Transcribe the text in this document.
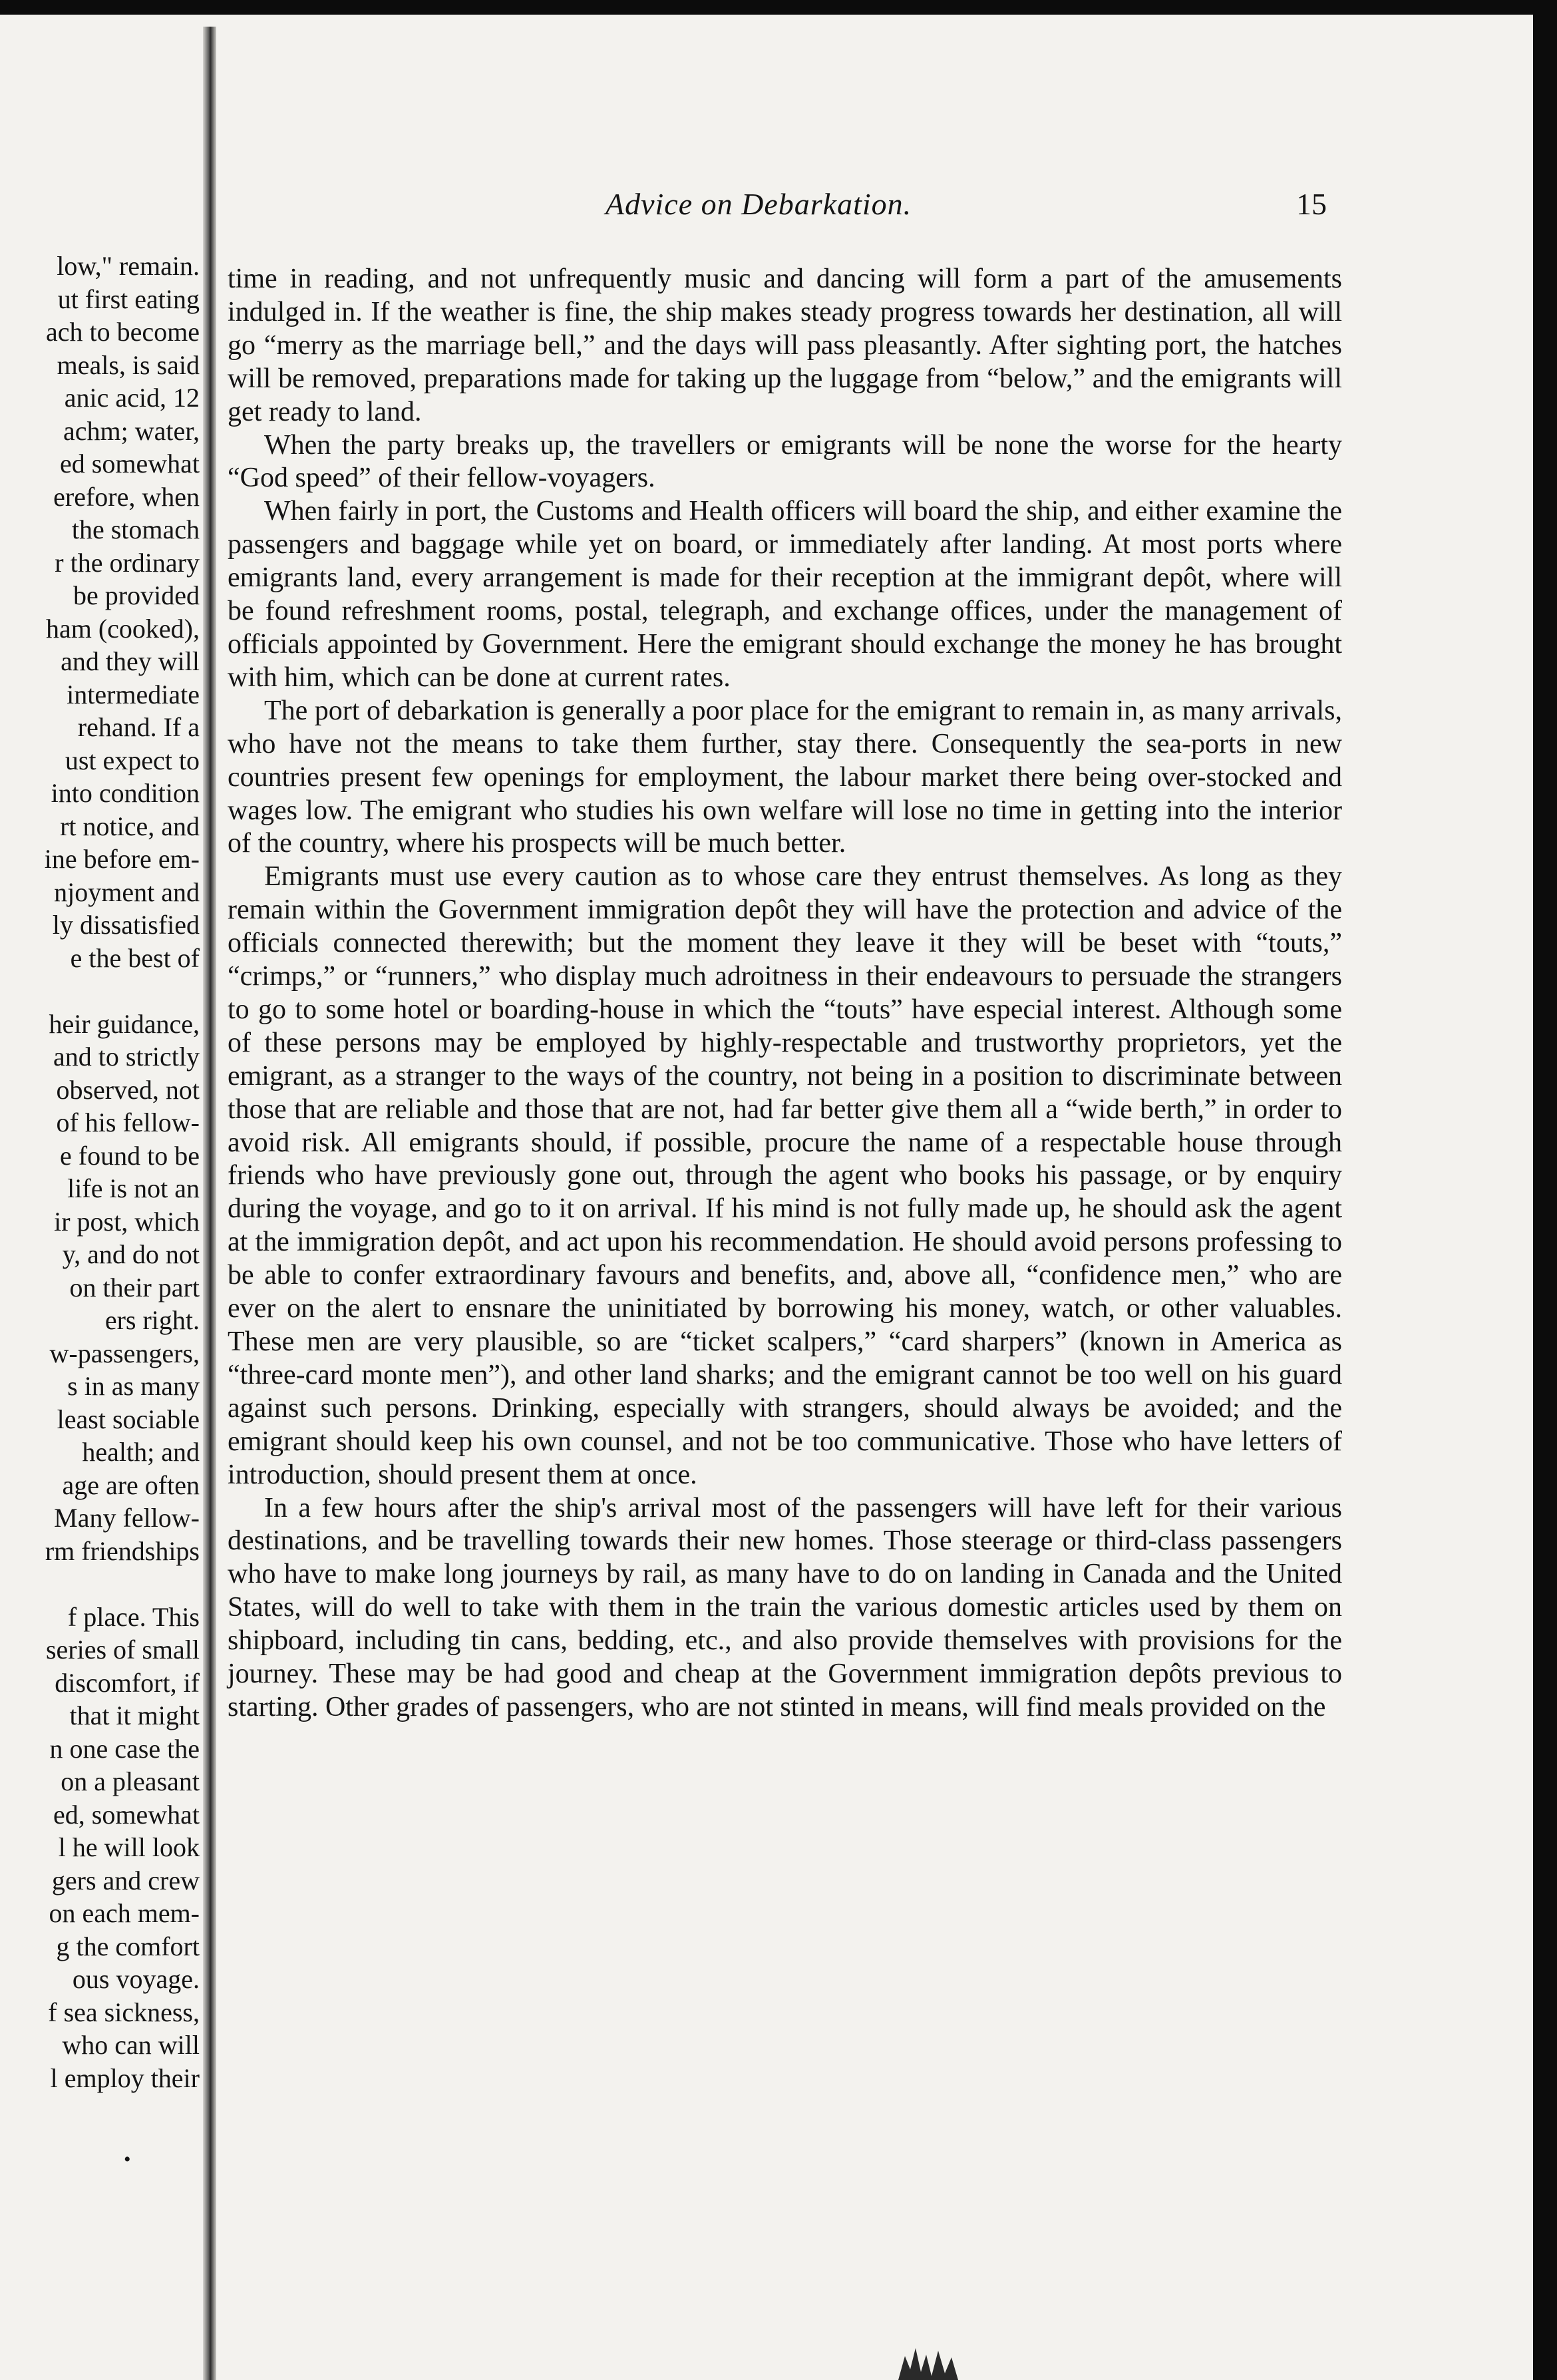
low," remain.
ut first eating
ach to become
meals, is said
anic acid, 12
achm; water,
ed somewhat
erefore, when
the stomach
r the ordinary
be provided
ham (cooked),
and they will
intermediate
rehand. If a
ust expect to
into condition
rt notice, and
ine before em-
njoyment and
ly dissatisfied
e the best of
heir guidance,
and to strictly
observed, not
of his fellow-
e found to be
life is not an
ir post, which
y, and do not
on their part
ers right.
w-passengers,
s in as many
least sociable
health; and
age are often
Many fellow-
rm friendships
f place. This
series of small
discomfort, if
that it might
n one case the
on a pleasant
ed, somewhat
l he will look
gers and crew
on each mem-
g the comfort
ous voyage.
f sea sickness,
who can will
l employ their
•
Advice on Debarkation.	15

time in reading, and not unfrequently music and dancing will form a part of the amusements indulged in. If the weather is fine, the ship makes steady progress towards her destination, all will go “merry as the marriage bell,” and the days will pass pleasantly. After sighting port, the hatches will be removed, preparations made for taking up the luggage from “below,” and the emigrants will get ready to land.

When the party breaks up, the travellers or emigrants will be none the worse for the hearty “God speed” of their fellow-voyagers.

When fairly in port, the Customs and Health officers will board the ship, and either examine the passengers and baggage while yet on board, or immediately after landing. At most ports where emigrants land, every arrangement is made for their reception at the immigrant depôt, where will be found refreshment rooms, postal, telegraph, and exchange offices, under the management of officials appointed by Government. Here the emigrant should exchange the money he has brought with him, which can be done at current rates.

The port of debarkation is generally a poor place for the emigrant to remain in, as many arrivals, who have not the means to take them further, stay there. Consequently the sea-ports in new countries present few openings for employment, the labour market there being over-stocked and wages low. The emigrant who studies his own welfare will lose no time in getting into the interior of the country, where his prospects will be much better.

Emigrants must use every caution as to whose care they entrust themselves. As long as they remain within the Government immigration depôt they will have the protection and advice of the officials connected therewith; but the moment they leave it they will be beset with “touts,” “crimps,” or “runners,” who display much adroitness in their endeavours to persuade the strangers to go to some hotel or boarding-house in which the “touts” have especial interest. Although some of these persons may be employed by highly-respectable and trustworthy proprietors, yet the emigrant, as a stranger to the ways of the country, not being in a position to discriminate between those that are reliable and those that are not, had far better give them all a “wide berth,” in order to avoid risk. All emigrants should, if possible, procure the name of a respectable house through friends who have previously gone out, through the agent who books his passage, or by enquiry during the voyage, and go to it on arrival. If his mind is not fully made up, he should ask the agent at the immigration depôt, and act upon his recommendation. He should avoid persons professing to be able to confer extraordinary favours and benefits, and, above all, “confidence men,” who are ever on the alert to ensnare the uninitiated by borrowing his money, watch, or other valuables. These men are very plausible, so are “ticket scalpers,” “card sharpers” (known in America as “three-card monte men”), and other land sharks; and the emigrant cannot be too well on his guard against such persons. Drinking, especially with strangers, should always be avoided; and the emigrant should keep his own counsel, and not be too communicative. Those who have letters of introduction, should present them at once.

In a few hours after the ship's arrival most of the passengers will have left for their various destinations, and be travelling towards their new homes. Those steerage or third-class passengers who have to make long journeys by rail, as many have to do on landing in Canada and the United States, will do well to take with them in the train the various domestic articles used by them on shipboard, including tin cans, bedding, etc., and also provide themselves with provisions for the journey. These may be had good and cheap at the Government immigration depôts previous to starting. Other grades of passengers, who are not stinted in means, will find meals provided on the
